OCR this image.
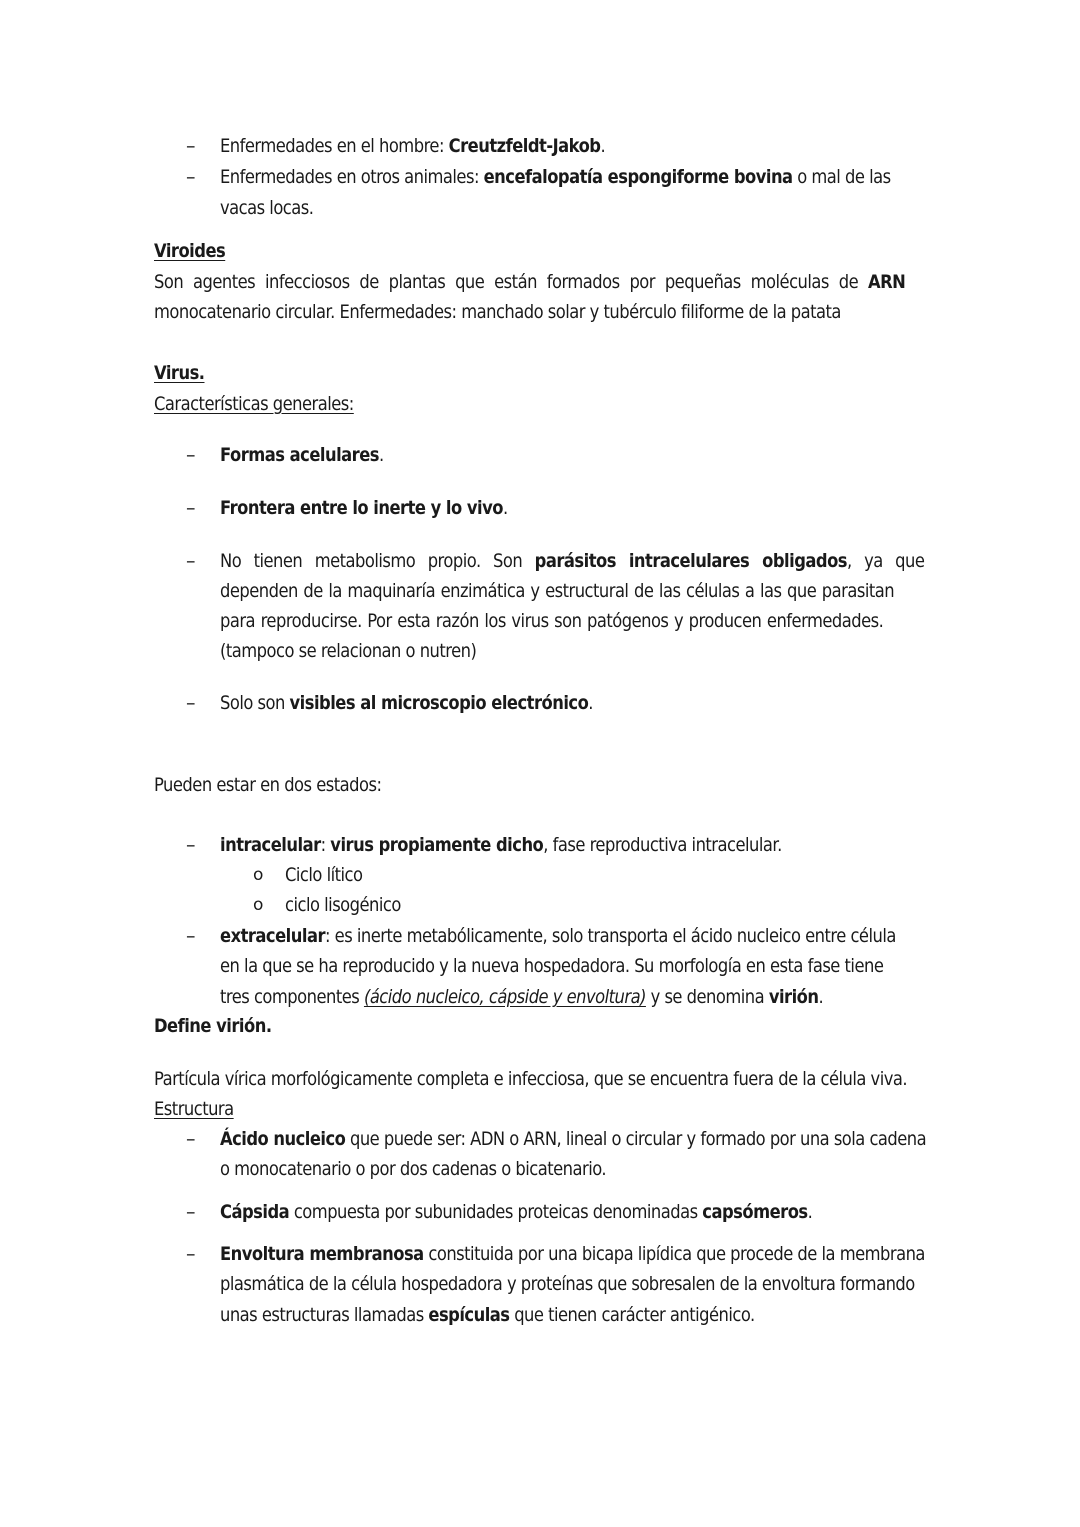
– Enfermedades en el hombre: Creutzfeldt-Jakob.
– Enfermedades en otros animales: encefalopatía espongiforme bovina o mal de las
vacas locas.
Viroides
Son agentes infecciosos de plantas que están formados por pequeñas moléculas de ARN
monocatenario circular. Enfermedades: manchado solar y tubérculo filiforme de la patata
Virus.
Características generales:
– Formas acelulares.
– Frontera entre lo inerte y lo vivo.
– No tienen metabolismo propio. Son parásitos intracelulares obligados, ya que
dependen de la maquinaría enzimática y estructural de las células a las que parasitan
para reproducirse. Por esta razón los virus son patógenos y producen enfermedades.
(tampoco se relacionan o nutren)
– Solo son visibles al microscopio electrónico.
Pueden estar en dos estados:
– intracelular: virus propiamente dicho, fase reproductiva intracelular.
o Ciclo lítico
o ciclo lisogénico
– extracelular: es inerte metabólicamente, solo transporta el ácido nucleico entre célula
en la que se ha reproducido y la nueva hospedadora. Su morfología en esta fase tiene
tres componentes (ácido nucleico, cápside y envoltura) y se denomina virión.
Define virión.
Partícula vírica morfológicamente completa e infecciosa, que se encuentra fuera de la célula viva.
Estructura
– Ácido nucleico que puede ser: ADN o ARN, lineal o circular y formado por una sola cadena
o monocatenario o por dos cadenas o bicatenario.
– Cápsida compuesta por subunidades proteicas denominadas capsómeros.
– Envoltura membranosa constituida por una bicapa lipídica que procede de la membrana
plasmática de la célula hospedadora y proteínas que sobresalen de la envoltura formando
unas estructuras llamadas espículas que tienen carácter antigénico.
